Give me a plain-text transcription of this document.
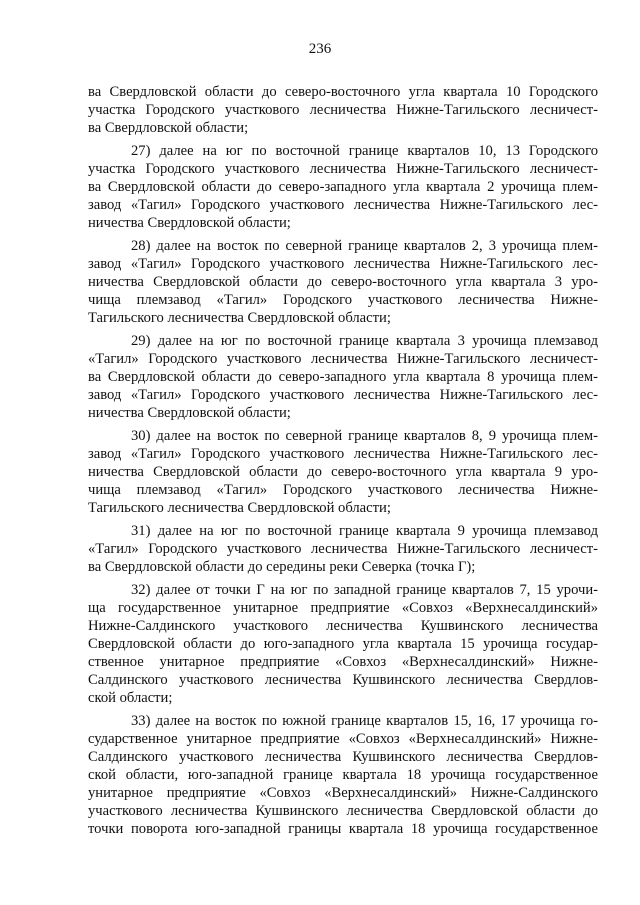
236
ва Свердловской области до северо-восточного угла квартала 10 Городского
участка Городского участкового лесничества Нижне-Тагильского лесничест-
ва Свердловской области;
27) далее на юг по восточной границе кварталов 10, 13 Городского
участка Городского участкового лесничества Нижне-Тагильского лесничест-
ва Свердловской области до северо-западного угла квартала 2 урочища плем-
завод «Тагил» Городского участкового лесничества Нижне-Тагильского лес-
ничества Свердловской области;
28) далее на восток по северной границе кварталов 2, 3 урочища плем-
завод «Тагил» Городского участкового лесничества Нижне-Тагильского лес-
ничества Свердловской области до северо-восточного угла квартала 3 уро-
чища племзавод «Тагил» Городского участкового лесничества Нижне-
Тагильского лесничества Свердловской области;
29) далее на юг по восточной границе квартала 3 урочища племзавод
«Тагил» Городского участкового лесничества Нижне-Тагильского лесничест-
ва Свердловской области до северо-западного угла квартала 8 урочища плем-
завод «Тагил» Городского участкового лесничества Нижне-Тагильского лес-
ничества Свердловской области;
30) далее на восток по северной границе кварталов 8, 9 урочища плем-
завод «Тагил» Городского участкового лесничества Нижне-Тагильского лес-
ничества Свердловской области до северо-восточного угла квартала 9 уро-
чища племзавод «Тагил» Городского участкового лесничества Нижне-
Тагильского лесничества Свердловской области;
31) далее на юг по восточной границе квартала 9 урочища племзавод
«Тагил» Городского участкового лесничества Нижне-Тагильского лесничест-
ва Свердловской области до середины реки Северка (точка Г);
32) далее от точки Г на юг по западной границе кварталов 7, 15 урочи-
ща государственное унитарное предприятие «Совхоз «Верхнесалдинский»
Нижне-Салдинского участкового лесничества Кушвинского лесничества
Свердловской области до юго-западного угла квартала 15 урочища государ-
ственное унитарное предприятие «Совхоз «Верхнесалдинский» Нижне-
Салдинского участкового лесничества Кушвинского лесничества Свердлов-
ской области;
33) далее на восток по южной границе кварталов 15, 16, 17 урочища го-
сударственное унитарное предприятие «Совхоз «Верхнесалдинский» Нижне-
Салдинского участкового лесничества Кушвинского лесничества Свердлов-
ской области, юго-западной границе квартала 18 урочища государственное
унитарное предприятие «Совхоз «Верхнесалдинский» Нижне-Салдинского
участкового лесничества Кушвинского лесничества Свердловской области до
точки поворота юго-западной границы квартала 18 урочища государственное
